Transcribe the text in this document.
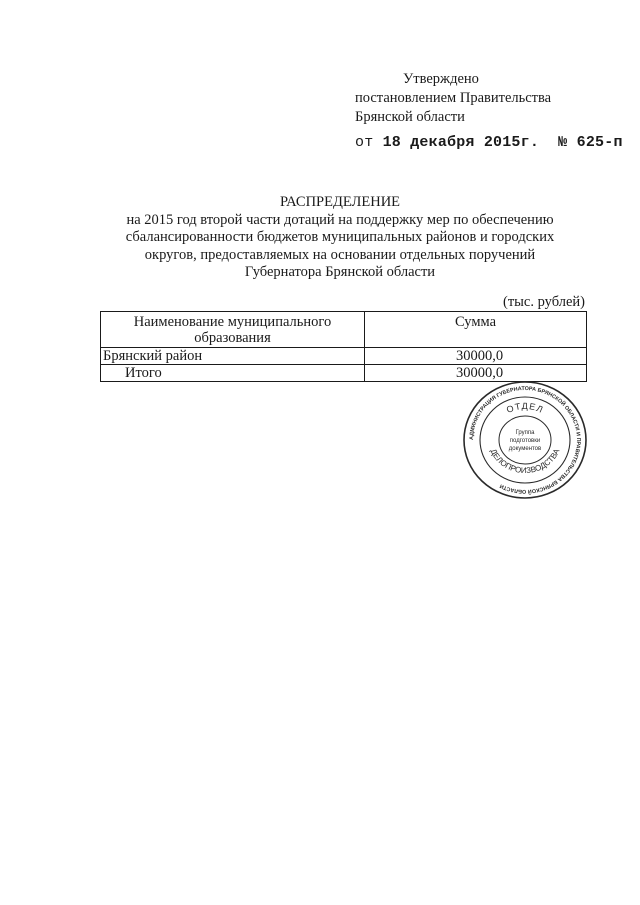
Утверждено
постановлением Правительства
Брянской области
от 18 декабря 2015г. № 625-п
РАСПРЕДЕЛЕНИЕ
на 2015 год второй части дотаций на поддержку мер по обеспечению
сбалансированности бюджетов муниципальных районов и городских
округов, предоставляемых на основании отдельных поручений
Губернатора Брянской области
(тыс. рублей)
Наименование муниципального
образования	Сумма
Брянский район	30000,0
Итого	30000,0
АДМИНИСТРАЦИЯ ГУБЕРНАТОРА БРЯНСКОЙ ОБЛАСТИ И ПРАВИТЕЛЬСТВА БРЯНСКОЙ ОБЛАСТИ
ОТДЕЛ
ДЕЛОПРОИЗВОДСТВА
Группа
подготовки
документов
